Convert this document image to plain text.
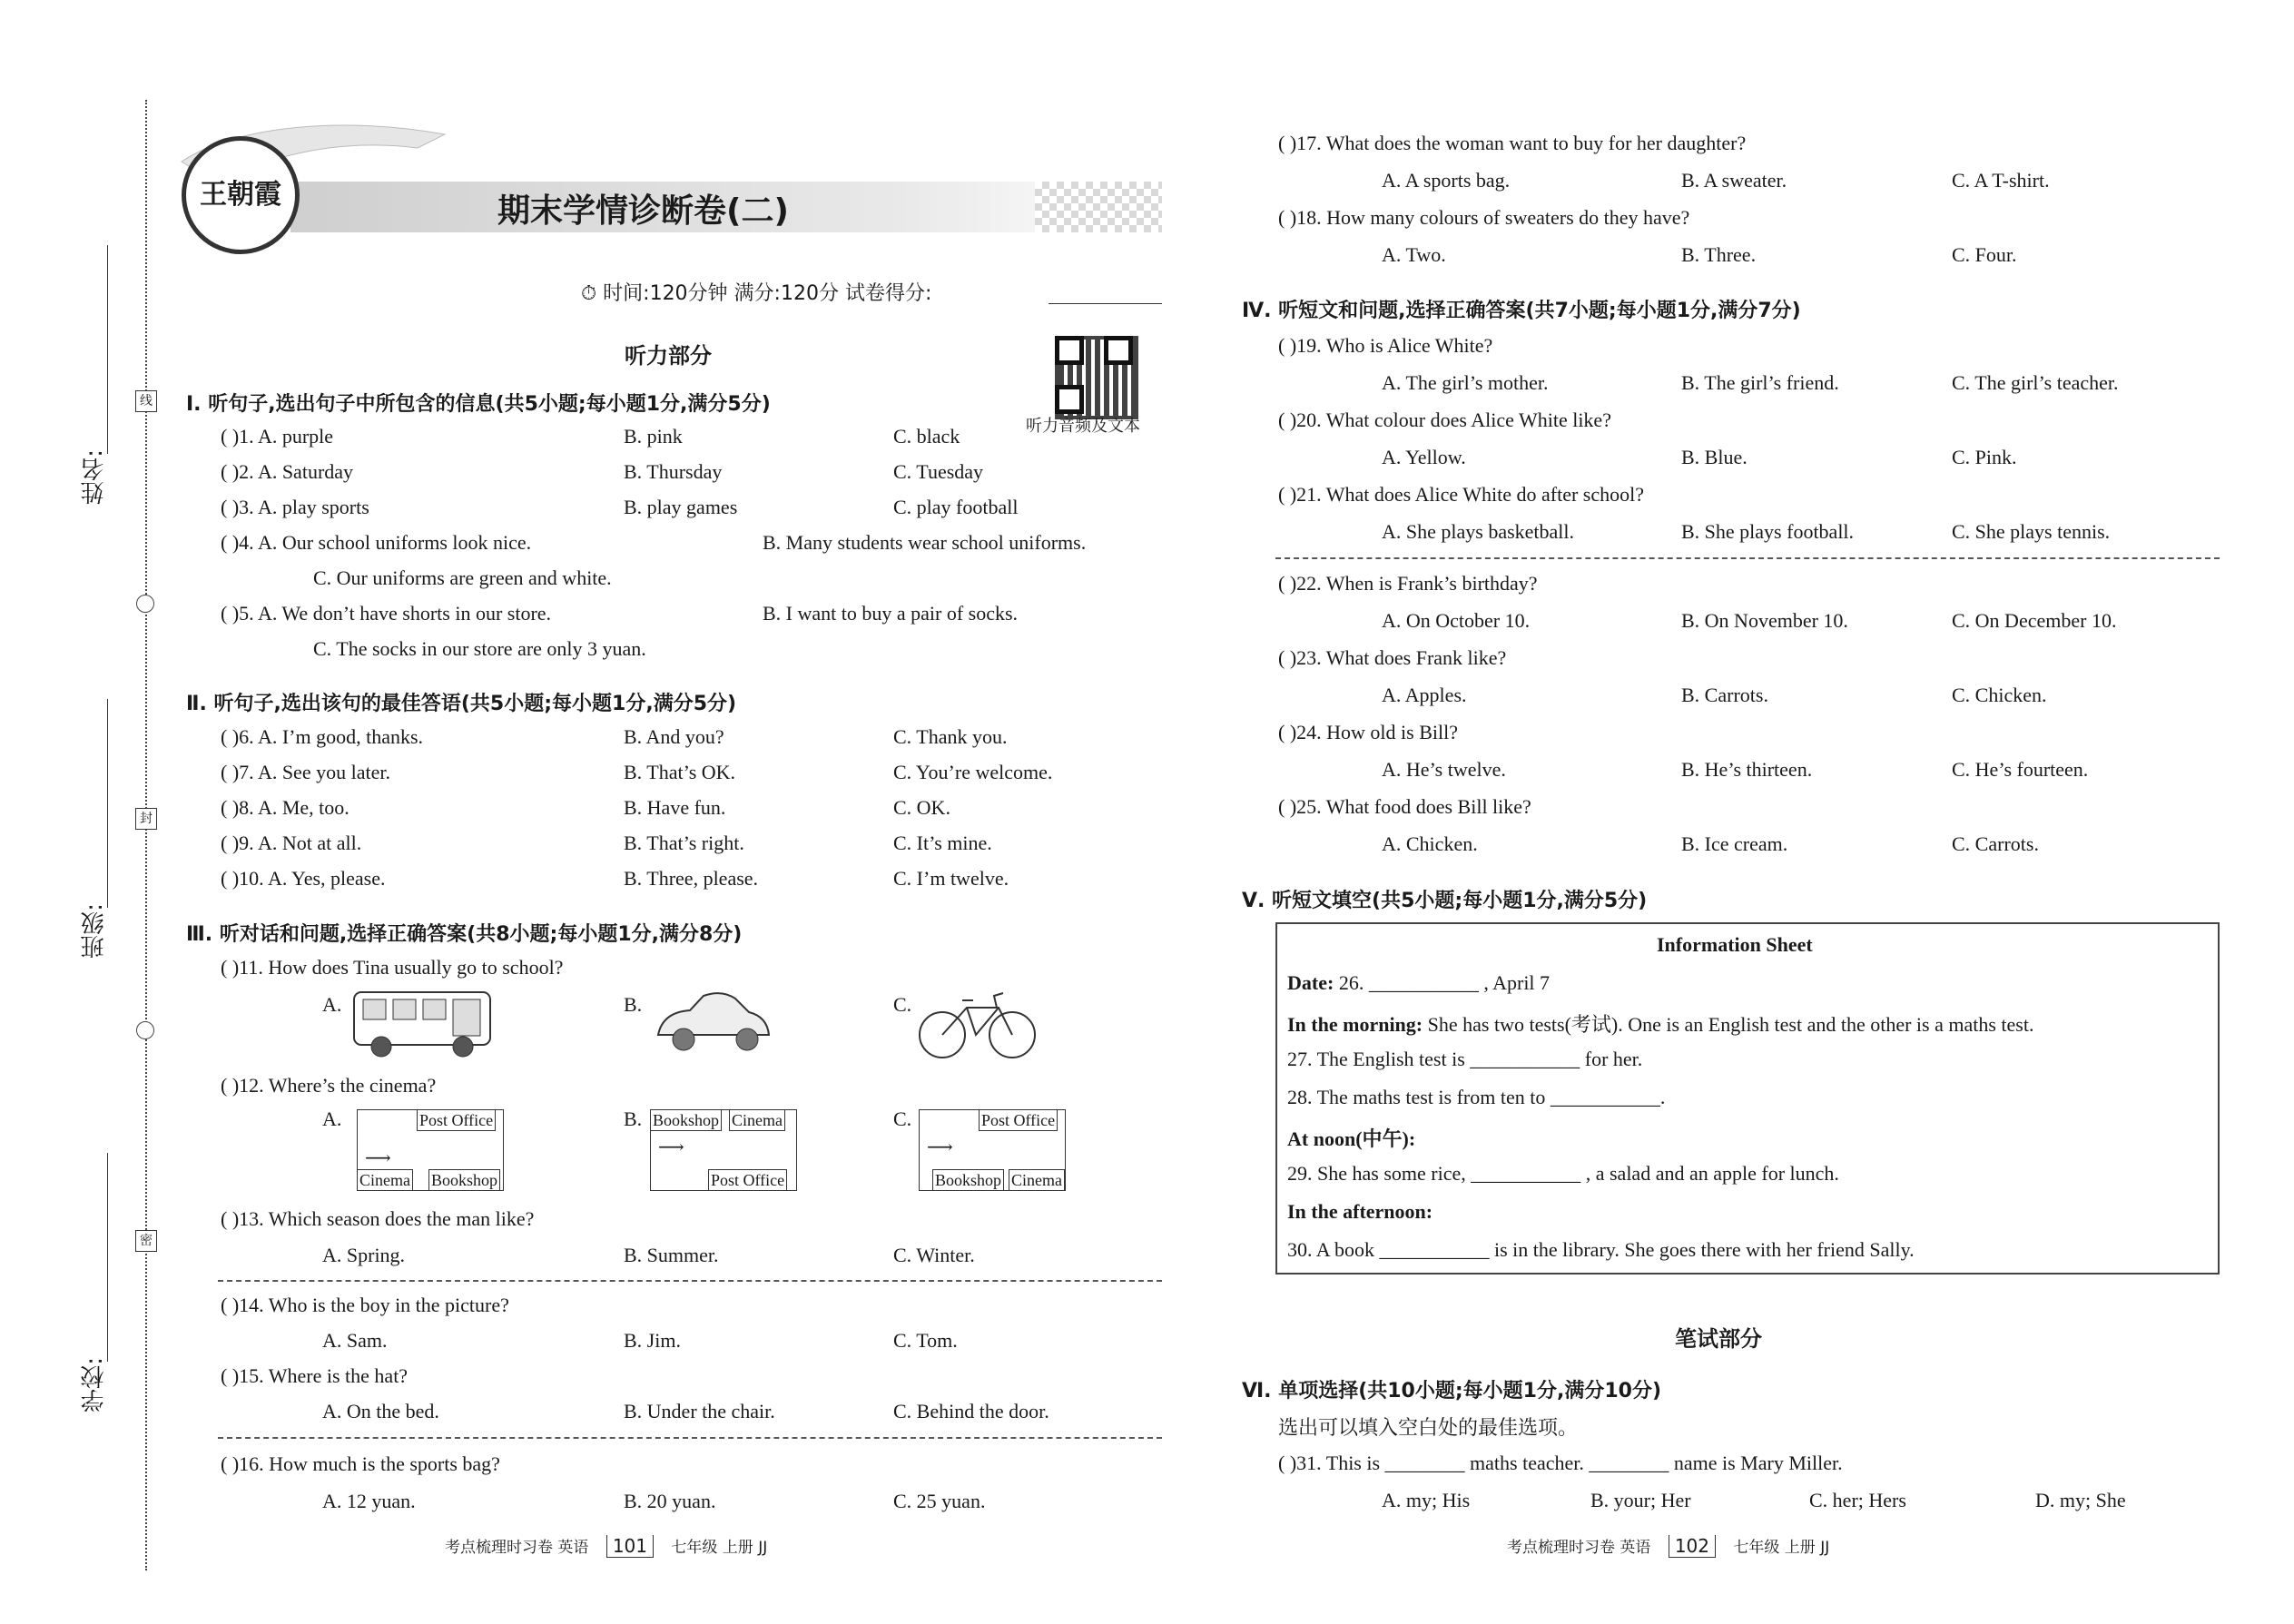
姓名:
班级:
学校:
线
封
密
王朝霞	期末学情诊断卷(二)
⏱ 时间:120分钟 满分:120分 试卷得分:
听力部分
听力音频及文本
Ⅰ. 听句子,选出句子中所包含的信息(共5小题;每小题1分,满分5分)
( )1. A. purple	B. pink	C. black
( )2. A. Saturday	B. Thursday	C. Tuesday
( )3. A. play sports	B. play games	C. play football
( )4. A. Our school uniforms look nice.	B. Many students wear school uniforms.
C. Our uniforms are green and white.
( )5. A. We don’t have shorts in our store.	B. I want to buy a pair of socks.
C. The socks in our store are only 3 yuan.
Ⅱ. 听句子,选出该句的最佳答语(共5小题;每小题1分,满分5分)
( )6. A. I’m good, thanks.	B. And you?	C. Thank you.
( )7. A. See you later.	B. That’s OK.	C. You’re welcome.
( )8. A. Me, too.	B. Have fun.	C. OK.
( )9. A. Not at all.	B. That’s right.	C. It’s mine.
( )10. A. Yes, please.	B. Three, please.	C. I’m twelve.
Ⅲ. 听对话和问题,选择正确答案(共8小题;每小题1分,满分8分)
( )11. How does Tina usually go to school?
A.	B.	C.
( )12. Where’s the cinema?
A.	B.	C.
Post Office
Cinema Bookshop
⟶
Bookshop Cinema
Post Office
⟶
Post Office
Bookshop Cinema
⟶
( )13. Which season does the man like?
A. Spring.	B. Summer.	C. Winter.
( )14. Who is the boy in the picture?
A. Sam.	B. Jim.	C. Tom.
( )15. Where is the hat?
A. On the bed.	B. Under the chair.	C. Behind the door.
( )16. How much is the sports bag?
A. 12 yuan.	B. 20 yuan.	C. 25 yuan.
考点梳理时习卷 英语 101 七年级 上册 JJ
( )17. What does the woman want to buy for her daughter?
A. A sports bag.	B. A sweater.	C. A T-shirt.
( )18. How many colours of sweaters do they have?
A. Two.	B. Three.	C. Four.
Ⅳ. 听短文和问题,选择正确答案(共7小题;每小题1分,满分7分)
( )19. Who is Alice White?
A. The girl’s mother.	B. The girl’s friend.	C. The girl’s teacher.
( )20. What colour does Alice White like?
A. Yellow.	B. Blue.	C. Pink.
( )21. What does Alice White do after school?
A. She plays basketball.	B. She plays football.	C. She plays tennis.
( )22. When is Frank’s birthday?
A. On October 10.	B. On November 10.	C. On December 10.
( )23. What does Frank like?
A. Apples.	B. Carrots.	C. Chicken.
( )24. How old is Bill?
A. He’s twelve.	B. He’s thirteen.	C. He’s fourteen.
( )25. What food does Bill like?
A. Chicken.	B. Ice cream.	C. Carrots.
Ⅴ. 听短文填空(共5小题;每小题1分,满分5分)
Information Sheet
Date: 26. ___________ , April 7
In the morning: She has two tests(考试). One is an English test and the other is a maths test.
27. The English test is ___________ for her.
28. The maths test is from ten to ___________.
At noon(中午):
29. She has some rice, ___________ , a salad and an apple for lunch.
In the afternoon:
30. A book ___________ is in the library. She goes there with her friend Sally.
笔试部分
Ⅵ. 单项选择(共10小题;每小题1分,满分10分)
选出可以填入空白处的最佳选项。
( )31. This is ________ maths teacher. ________ name is Mary Miller.
A. my; His	B. your; Her	C. her; Hers	D. my; She
考点梳理时习卷 英语 102 七年级 上册 JJ
